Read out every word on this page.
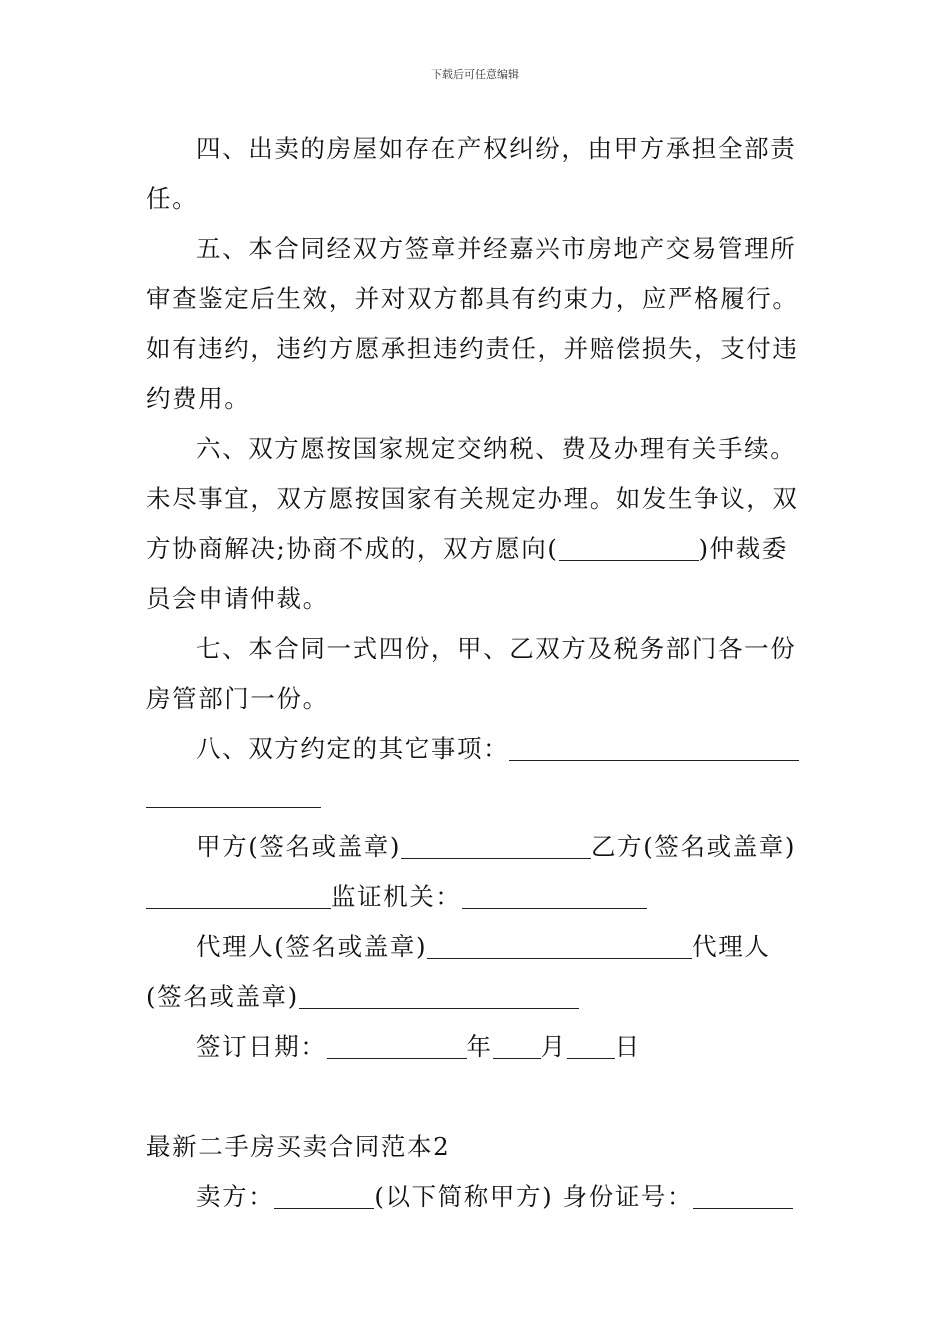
下载后可任意编辑
四、出卖的房屋如存在产权纠纷，由甲方承担全部责
任。
五、本合同经双方签章并经嘉兴市房地产交易管理所
审查鉴定后生效，并对双方都具有约束力，应严格履行。
如有违约，违约方愿承担违约责任，并赔偿损失，支付违
约费用。
六、双方愿按国家规定交纳税、费及办理有关手续。
未尽事宜，双方愿按国家有关规定办理。如发生争议，双
方协商解决;协商不成的，双方愿向(	)仲裁委
员会申请仲裁。
七、本合同一式四份，甲、乙双方及税务部门各一份
房管部门一份。
八、双方约定的其它事项：
甲方(签名或盖章)	乙方(签名或盖章)
监证机关：
代理人(签名或盖章)	代理人
(签名或盖章)
签订日期：	年 月 日
最新二手房买卖合同范本2
卖方：	(以下简称甲方) 身份证号：
